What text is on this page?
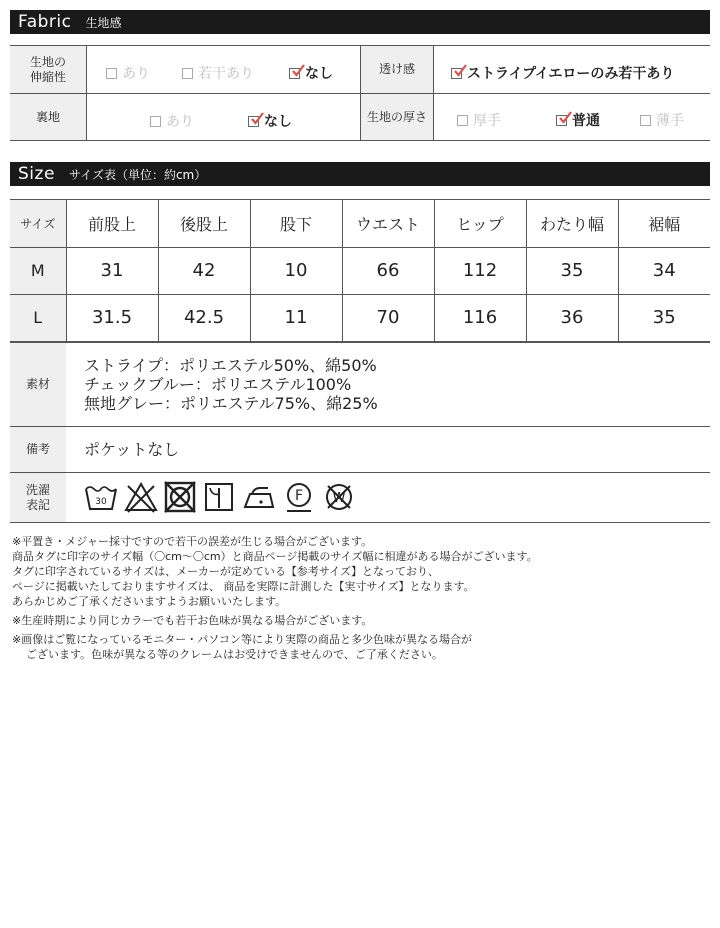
Fabric 生地感
生地の
伸縮性	あり	若干あり	なし	透け感	ストライプイエローのみ若干あり
裏地	あり	なし	生地の厚さ	厚手	普通	薄手
Size サイズ表（単位：約cm）
サイズ	前股上	後股上	股下	ウエスト	ヒップ	わたり幅	裾幅
M	31	42	10	66	112	35	34
L	31.5	42.5	11	70	116	36	35
素材
ストライプ：ポリエステル50%、綿50%
チェックブルー：ポリエステル100%
無地グレー：ポリエステル75%、綿25%
備考	ポケットなし
洗濯
表記	30	F W

※平置き・メジャー採寸ですので若干の誤差が生じる場合がございます。

商品タグに印字のサイズ幅（〇cm〜〇cm）と商品ページ掲載のサイズ幅に相違がある場合がございます。

タグに印字されているサイズは、メーカーが定めている【参考サイズ】となっており、

ページに掲載いたしておりますサイズは、 商品を実際に計測した【実寸サイズ】となります。

あらかじめご了承くださいますようお願いいたします。

※生産時期により同じカラーでも若干お色味が異なる場合がございます。

※画像はご覧になっているモニター・パソコン等により実際の商品と多少色味が異なる場合が

ございます。色味が異なる等のクレームはお受けできませんので、ご了承ください。
